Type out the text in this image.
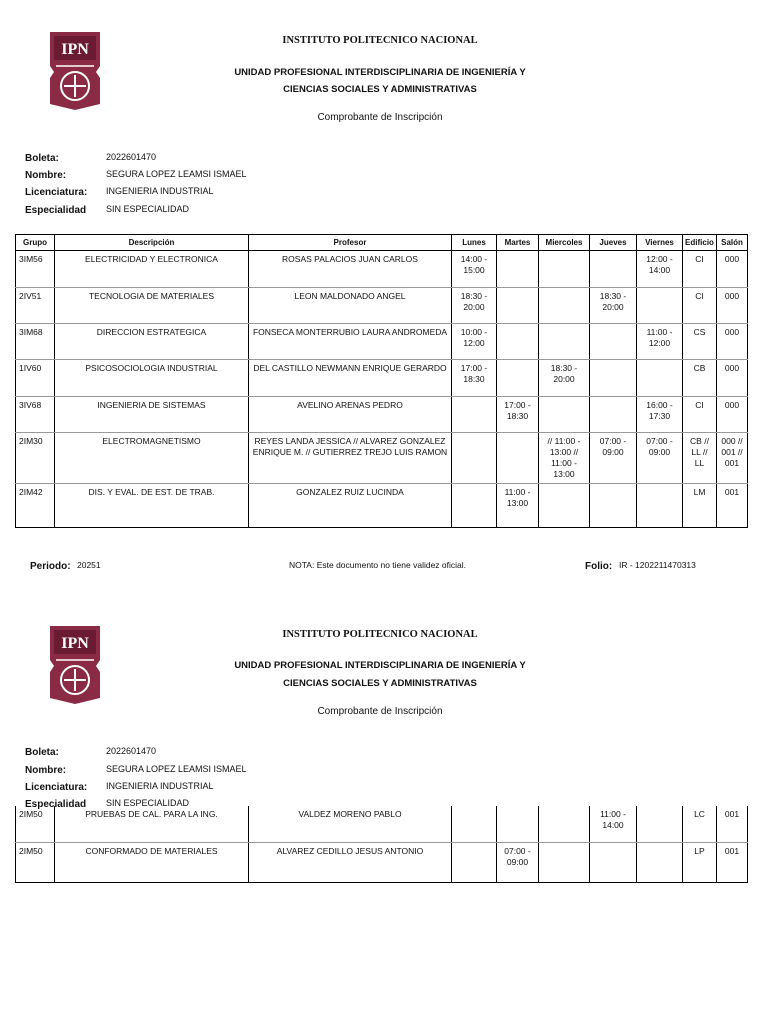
IPN
INSTITUTO POLITECNICO NACIONAL
UNIDAD PROFESIONAL INTERDISCIPLINARIA DE INGENIERÍA Y
CIENCIAS SOCIALES Y ADMINISTRATIVAS
Comprobante de Inscripción
Boleta:	2022601470
Nombre:	SEGURA LOPEZ LEAMSI ISMAEL
Licenciatura: INGENIERIA INDUSTRIAL
Especialidad SIN ESPECIALIDAD
Grupo	Descripción	Profesor	Lunes	Martes	Miercoles	Jueves	Viernes	Edificio	Salón
3IM56	ELECTRICIDAD Y ELECTRONICA	ROSAS PALACIOS JUAN CARLOS	14:00 - 15:00				12:00 - 14:00	CI	000
2IV51	TECNOLOGIA DE MATERIALES	LEON MALDONADO ANGEL	18:30 - 20:00			18:30 - 20:00		CI	000
3IM68	DIRECCION ESTRATEGICA	FONSECA MONTERRUBIO LAURA ANDROMEDA	10:00 - 12:00				11:00 - 12:00	CS	000
1IV60	PSICOSOCIOLOGIA INDUSTRIAL	DEL CASTILLO NEWMANN ENRIQUE GERARDO	17:00 - 18:30		18:30 - 20:00			CB	000
3IV68	INGENIERIA DE SISTEMAS	AVELINO ARENAS PEDRO		17:00 - 18:30			16:00 - 17:30	CI	000
2IM30	ELECTROMAGNETISMO	REYES LANDA JESSICA // ALVAREZ GONZALEZ ENRIQUE M. // GUTIERREZ TREJO LUIS RAMON			// 11:00 - 13:00 // 11:00 - 13:00	07:00 - 09:00	07:00 - 09:00	CB // LL // LL	000 // 001 // 001
2IM42	DIS. Y EVAL. DE EST. DE TRAB.	GONZALEZ RUIZ LUCINDA		11:00 - 13:00				LM	001
Periodo: 20251	NOTA: Este documento no tiene validez oficial.	Folio: IR - 1202211470313
IPN
INSTITUTO POLITECNICO NACIONAL
UNIDAD PROFESIONAL INTERDISCIPLINARIA DE INGENIERÍA Y
CIENCIAS SOCIALES Y ADMINISTRATIVAS
Comprobante de Inscripción
Boleta:	2022601470
Nombre:	SEGURA LOPEZ LEAMSI ISMAEL
Licenciatura: INGENIERIA INDUSTRIAL
Especialidad SIN ESPECIALIDAD
2IM50	PRUEBAS DE CAL. PARA LA ING.	VALDEZ MORENO PABLO				11:00 - 14:00		LC	001
2IM50	CONFORMADO DE MATERIALES	ALVAREZ CEDILLO JESUS ANTONIO		07:00 - 09:00				LP	001
